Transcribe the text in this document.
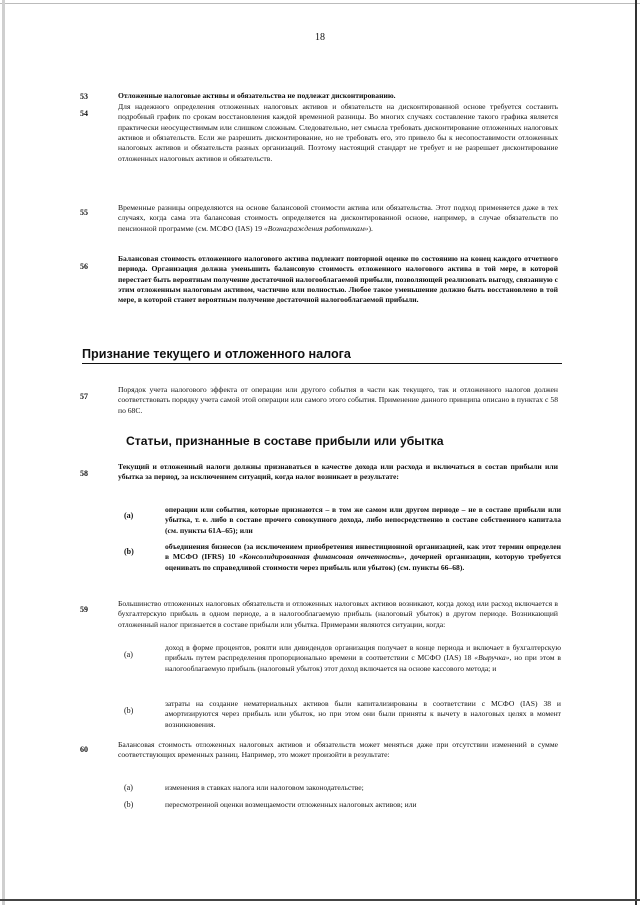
18
53	Отложенные налоговые активы и обязательства не подлежат дисконтированию.
54
Для надежного определения отложенных налоговых активов и обязательств на дисконтированной основе требуется составить подробный график по срокам восстановления каждой временной разницы. Во многих случаях составление такого графика является практически неосуществимым или слишком сложным. Следовательно, нет смысла требовать дисконтирование отложенных налоговых активов и обязательств. Если же разрешить дисконтирование, но не требовать его, это привело бы к несопоставимости отложенных налоговых активов и обязательств разных организаций. Поэтому настоящий стандарт не требует и не разрешает дисконтирование отложенных налоговых активов и обязательств.
55
Временные разницы определяются на основе балансовой стоимости актива или обязательства. Этот подход применяется даже в тех случаях, когда сама эта балансовая стоимость определяется на дисконтированной основе, например, в случае обязательств по пенсионной программе (см. МСФО (IAS) 19 «Вознаграждения работникам»).
56
Балансовая стоимость отложенного налогового актива подлежит повторной оценке по состоянию на конец каждого отчетного периода. Организация должна уменьшить балансовую стоимость отложенного налогового актива в той мере, в которой перестает быть вероятным получение достаточной налогооблагаемой прибыли, позволяющей реализовать выгоду, связанную с этим отложенным налоговым активом, частично или полностью. Любое такое уменьшение должно быть восстановлено в той мере, в которой станет вероятным получение достаточной налогооблагаемой прибыли.
Признание текущего и отложенного налога
57
Порядок учета налогового эффекта от операции или другого события в части как текущего, так и отложенного налогов должен соответствовать порядку учета самой этой операции или самого этого события. Применение данного принципа описано в пунктах с 58 по 68C.
Статьи, признанные в составе прибыли или убытка
58
Текущий и отложенный налоги должны признаваться в качестве дохода или расхода и включаться в состав прибыли или убытка за период, за исключением ситуаций, когда налог возникает в результате:
(a)
операции или события, которые признаются – в том же самом или другом периоде – не в составе прибыли или убытка, т. е. либо в составе прочего совокупного дохода, либо непосредственно в составе собственного капитала (см. пункты 61А–65); или
(b)
объединения бизнесов (за исключением приобретения инвестиционной организацией, как этот термин определен в МСФО (IFRS) 10 «Консолидированная финансовая отчетность», дочерней организации, которую требуется оценивать по справедливой стоимости через прибыль или убыток) (см. пункты 66–68).
59
Большинство отложенных налоговых обязательств и отложенных налоговых активов возникают, когда доход или расход включается в бухгалтерскую прибыль в одном периоде, а в налогооблагаемую прибыль (налоговый убыток) в другом периоде. Возникающий отложенный налог признается в составе прибыли или убытка. Примерами являются ситуации, когда:
(a)
доход в форме процентов, роялти или дивидендов организация получает в конце периода и включает в бухгалтерскую прибыль путем распределения пропорционально времени в соответствии с МСФО (IAS) 18 «Выручка», но при этом в налогооблагаемую прибыль (налоговый убыток) этот доход включается на основе кассового метода; и
(b)
затраты на создание нематериальных активов были капитализированы в соответствии с МСФО (IAS) 38 и амортизируются через прибыль или убыток, но при этом они были приняты к вычету в налоговых целях в момент возникновения.
60
Балансовая стоимость отложенных налоговых активов и обязательств может меняться даже при отсутствии изменений в сумме соответствующих временных разниц. Например, это может произойти в результате:
(a)	изменения в ставках налога или налоговом законодательстве;
(b)	пересмотренной оценки возмещаемости отложенных налоговых активов; или
